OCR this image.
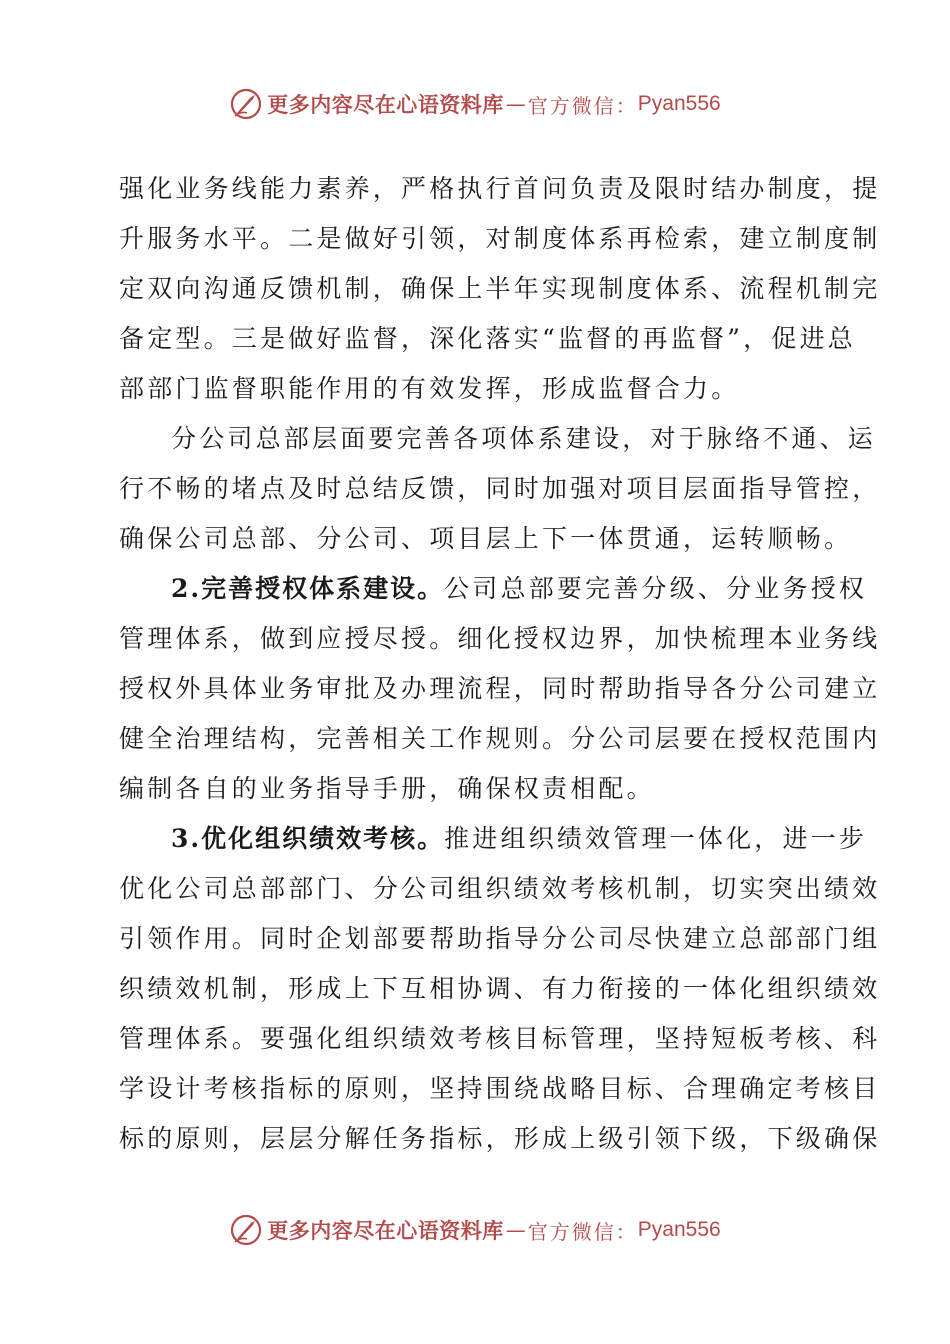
更多内容尽在心语资料库 — 官方微信： Pyan556
强化业务线能力素养，严格执行首问负责及限时结办制度，提
升服务水平。二是做好引领，对制度体系再检索，建立制度制
定双向沟通反馈机制，确保上半年实现制度体系、流程机制完
备定型。三是做好监督，深化落实“监督的再监督”，促进总
部部门监督职能作用的有效发挥，形成监督合力。
分公司总部层面要完善各项体系建设，对于脉络不通、运
行不畅的堵点及时总结反馈，同时加强对项目层面指导管控，
确保公司总部、分公司、项目层上下一体贯通，运转顺畅。
2.完善授权体系建设。公司总部要完善分级、分业务授权
管理体系，做到应授尽授。细化授权边界，加快梳理本业务线
授权外具体业务审批及办理流程，同时帮助指导各分公司建立
健全治理结构，完善相关工作规则。分公司层要在授权范围内
编制各自的业务指导手册，确保权责相配。
3.优化组织绩效考核。推进组织绩效管理一体化，进一步
优化公司总部部门、分公司组织绩效考核机制，切实突出绩效
引领作用。同时企划部要帮助指导分公司尽快建立总部部门组
织绩效机制，形成上下互相协调、有力衔接的一体化组织绩效
管理体系。要强化组织绩效考核目标管理，坚持短板考核、科
学设计考核指标的原则，坚持围绕战略目标、合理确定考核目
标的原则，层层分解任务指标，形成上级引领下级，下级确保
更多内容尽在心语资料库 — 官方微信： Pyan556
